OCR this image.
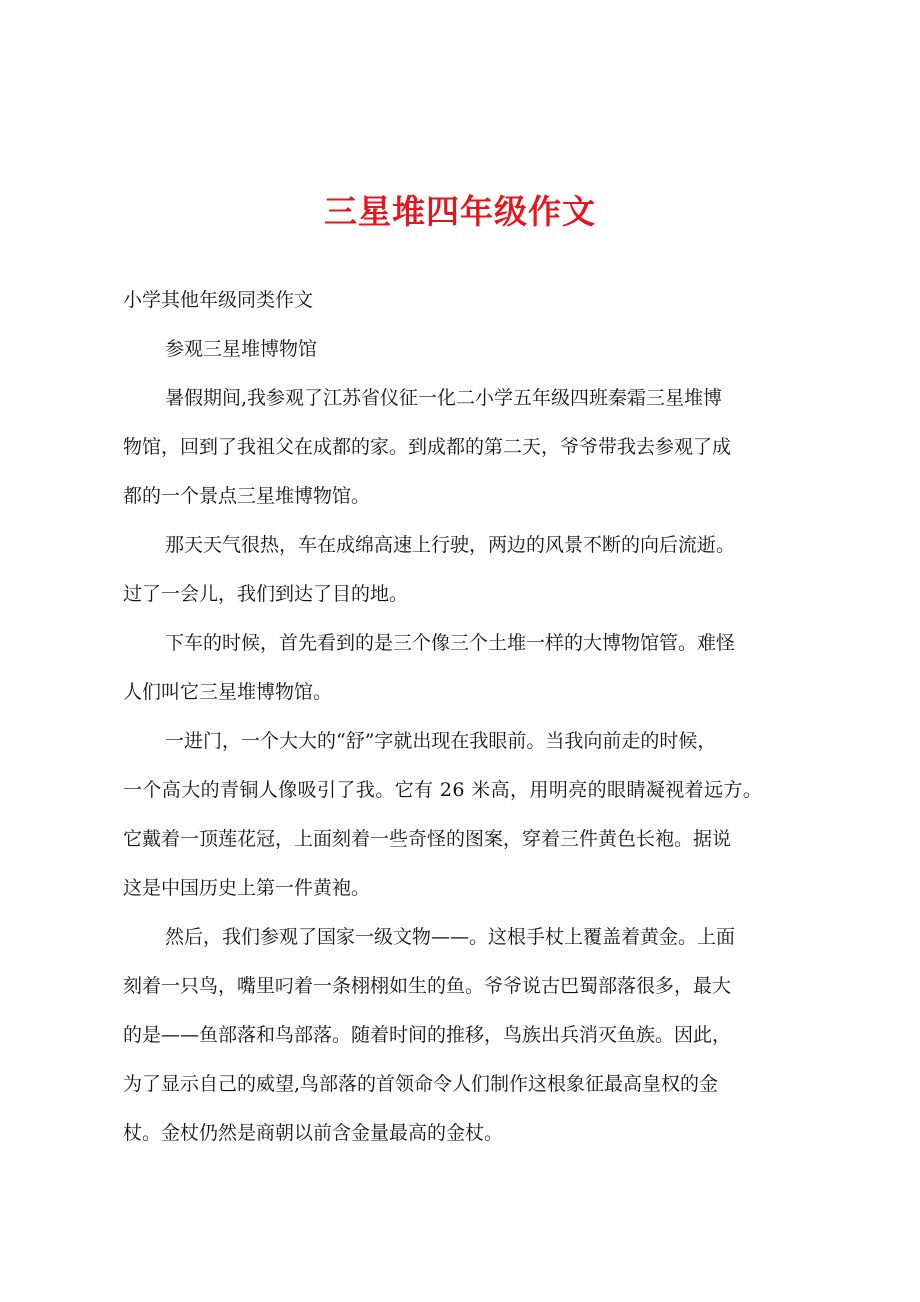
三星堆四年级作文
小学其他年级同类作文
参观三星堆博物馆
暑假期间,我参观了江苏省仪征一化二小学五年级四班秦霜三星堆博
物馆，回到了我祖父在成都的家。到成都的第二天，爷爷带我去参观了成
都的一个景点三星堆博物馆。
那天天气很热，车在成绵高速上行驶，两边的风景不断的向后流逝。
过了一会儿，我们到达了目的地。
下车的时候，首先看到的是三个像三个土堆一样的大博物馆管。难怪
人们叫它三星堆博物馆。
一进门，一个大大的“舒”字就出现在我眼前。当我向前走的时候，
一个高大的青铜人像吸引了我。它有 26 米高，用明亮的眼睛凝视着远方。
它戴着一顶莲花冠，上面刻着一些奇怪的图案，穿着三件黄色长袍。据说
这是中国历史上第一件黄袍。
然后，我们参观了国家一级文物——。这根手杖上覆盖着黄金。上面
刻着一只鸟，嘴里叼着一条栩栩如生的鱼。爷爷说古巴蜀部落很多，最大
的是——鱼部落和鸟部落。随着时间的推移，鸟族出兵消灭鱼族。因此，
为了显示自己的威望,鸟部落的首领命令人们制作这根象征最高皇权的金
杖。金杖仍然是商朝以前含金量最高的金杖。
